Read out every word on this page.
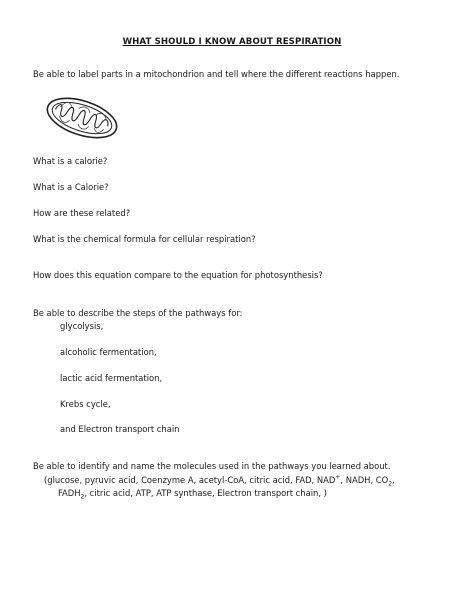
WHAT SHOULD I KNOW ABOUT RESPIRATION
Be able to label parts in a mitochondrion and tell where the different reactions happen.
What is a calorie?
What is a Calorie?
How are these related?
What is the chemical formula for cellular respiration?
How does this equation compare to the equation for photosynthesis?
Be able to describe the steps of the pathways for:
glycolysis,
alcoholic fermentation,
lactic acid fermentation,
Krebs cycle,
and Electron transport chain
Be able to identify and name the molecules used in the pathways you learned about.
(glucose, pyruvic acid, Coenzyme A, acetyl-CoA, citric acid, FAD, NAD+, NADH, $CO_2$,
$FADH_2$, citric acid, ATP, ATP synthase, Electron transport chain, )
